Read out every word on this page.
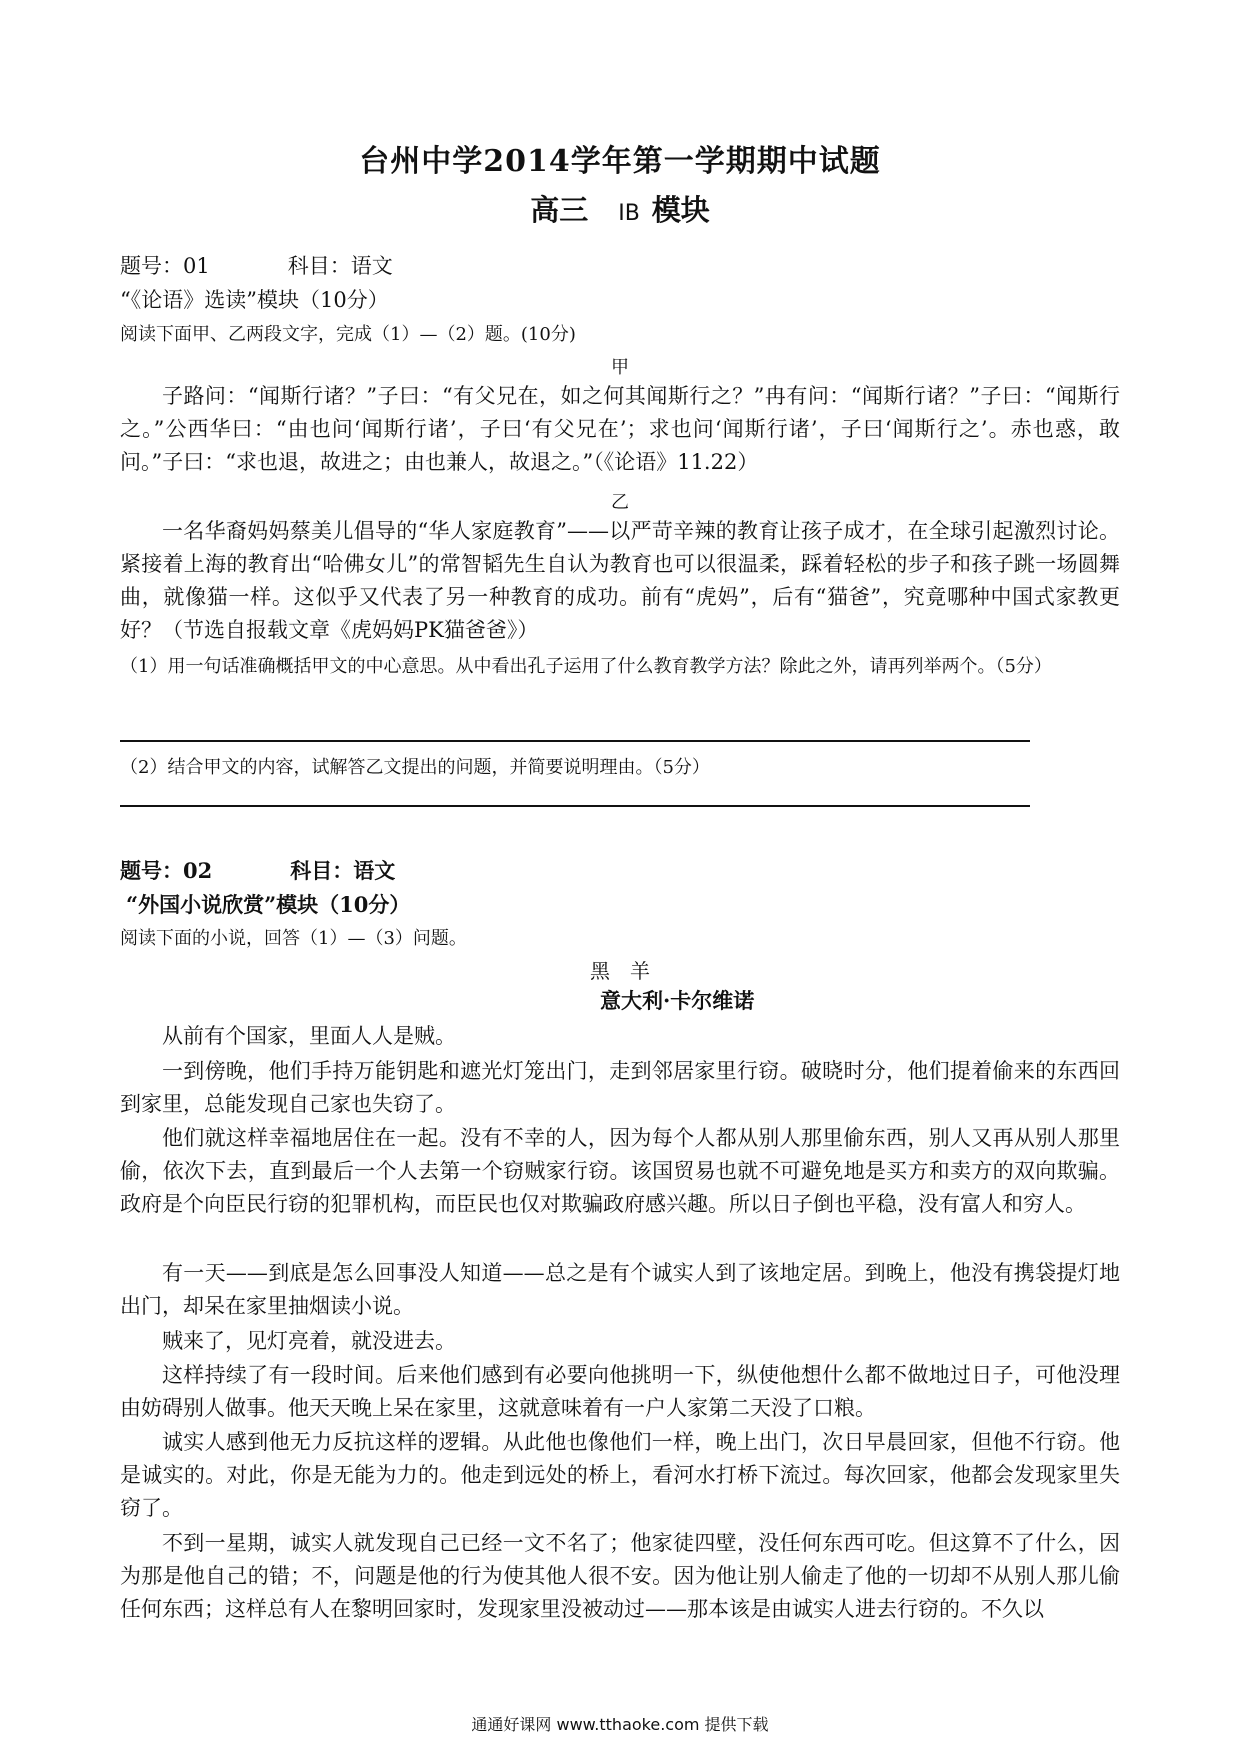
台州中学2014学年第一学期期中试题
高三 IB 模块
题号：01	科目：语文
“《论语》选读”模块（10分）
阅读下面甲、乙两段文字，完成（1）—（2）题。(10分)
甲

子路问：“闻斯行诸？”子曰：“有父兄在，如之何其闻斯行之？”冉有问：“闻斯行诸？”子曰：“闻斯行之。”公西华曰：“由也问‘闻斯行诸’，子曰‘有父兄在’；求也问‘闻斯行诸’，子曰‘闻斯行之’。赤也惑，敢问。”子曰：“求也退，故进之；由也兼人，故退之。”（《论语》11.22）

乙

一名华裔妈妈蔡美儿倡导的“华人家庭教育”——以严苛辛辣的教育让孩子成才，在全球引起激烈讨论。紧接着上海的教育出“哈佛女儿”的常智韬先生自认为教育也可以很温柔，踩着轻松的步子和孩子跳一场圆舞曲，就像猫一样。这似乎又代表了另一种教育的成功。前有“虎妈”，后有“猫爸”，究竟哪种中国式家教更好？（节选自报载文章《虎妈妈PK猫爸爸》）

（1）用一句话准确概括甲文的中心意思。从中看出孔子运用了什么教育教学方法？除此之外，请再列举两个。（5分）

（2）结合甲文的内容，试解答乙文提出的问题，并简要说明理由。（5分）

题号：02	科目：语文
“外国小说欣赏”模块（10分）
阅读下面的小说，回答（1）—（3）问题。
黑　羊
意大利·卡尔维诺

从前有个国家，里面人人是贼。

一到傍晚，他们手持万能钥匙和遮光灯笼出门，走到邻居家里行窃。破晓时分，他们提着偷来的东西回到家里，总能发现自己家也失窃了。

他们就这样幸福地居住在一起。没有不幸的人，因为每个人都从别人那里偷东西，别人又再从别人那里偷，依次下去，直到最后一个人去第一个窃贼家行窃。该国贸易也就不可避免地是买方和卖方的双向欺骗。政府是个向臣民行窃的犯罪机构，而臣民也仅对欺骗政府感兴趣。所以日子倒也平稳，没有富人和穷人。

有一天——到底是怎么回事没人知道——总之是有个诚实人到了该地定居。到晚上，他没有携袋提灯地出门，却呆在家里抽烟读小说。

贼来了，见灯亮着，就没进去。

这样持续了有一段时间。后来他们感到有必要向他挑明一下，纵使他想什么都不做地过日子，可他没理由妨碍别人做事。他天天晚上呆在家里，这就意味着有一户人家第二天没了口粮。

诚实人感到他无力反抗这样的逻辑。从此他也像他们一样，晚上出门，次日早晨回家，但他不行窃。他是诚实的。对此，你是无能为力的。他走到远处的桥上，看河水打桥下流过。每次回家，他都会发现家里失窃了。

不到一星期，诚实人就发现自己已经一文不名了；他家徒四壁，没任何东西可吃。但这算不了什么，因为那是他自己的错；不，问题是他的行为使其他人很不安。因为他让别人偷走了他的一切却不从别人那儿偷任何东西；这样总有人在黎明回家时，发现家里没被动过——那本该是由诚实人进去行窃的。不久以

通通好课网 www.tthaoke.com 提供下载
